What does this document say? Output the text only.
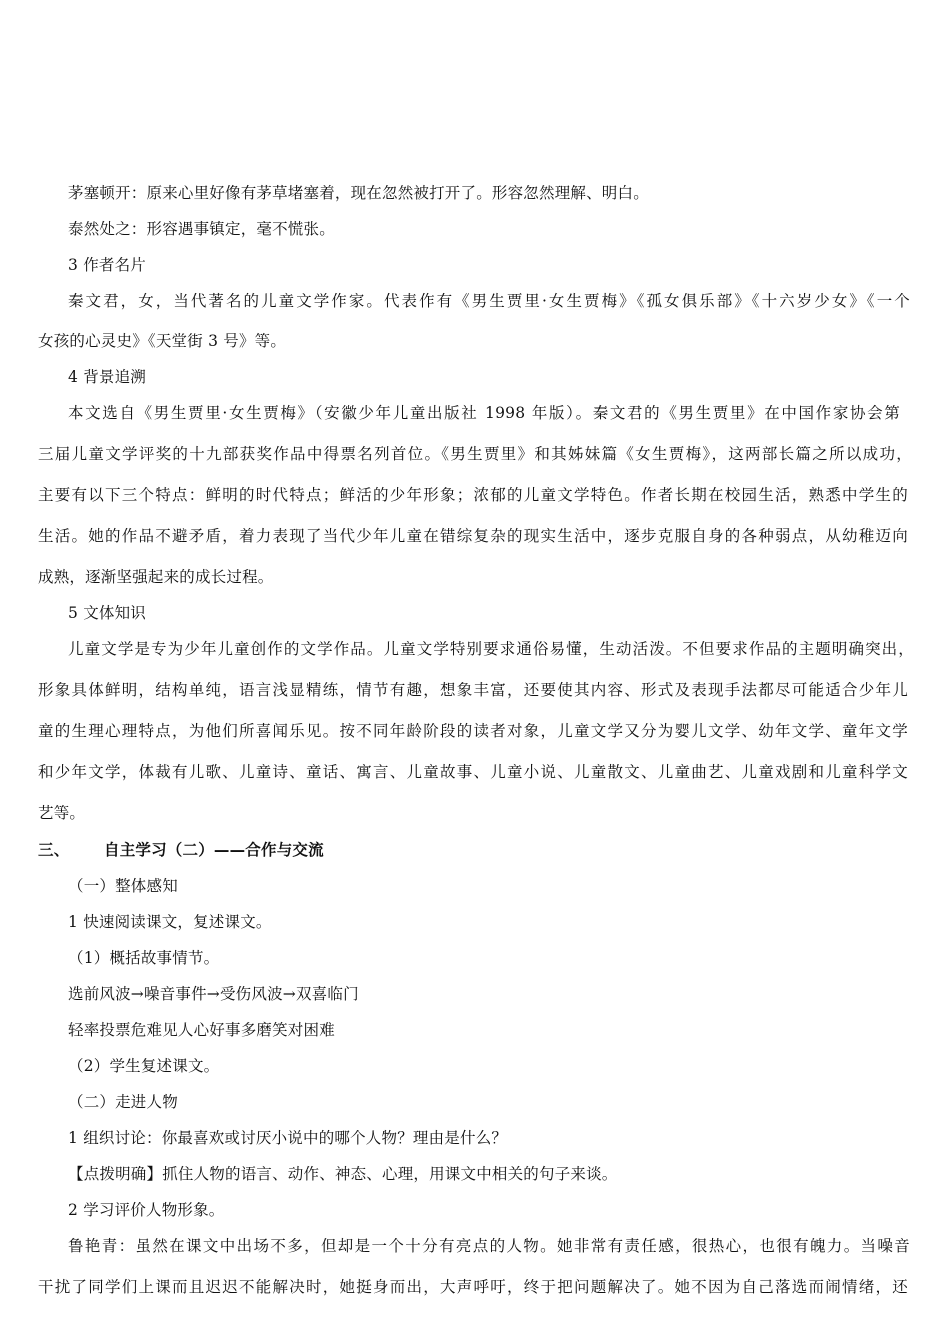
茅塞顿开：原来心里好像有茅草堵塞着，现在忽然被打开了。形容忽然理解、明白。
泰然处之：形容遇事镇定，毫不慌张。
3 作者名片
秦文君，女，当代著名的儿童文学作家。代表作有《男生贾里·女生贾梅》《孤女俱乐部》《十六岁少女》《一个
女孩的心灵史》《天堂街 3 号》等。
4 背景追溯
本文选自《男生贾里·女生贾梅》（安徽少年儿童出版社 1998 年版）。秦文君的《男生贾里》在中国作家协会第
三届儿童文学评奖的十九部获奖作品中得票名列首位。《男生贾里》和其姊妹篇《女生贾梅》，这两部长篇之所以成功，
主要有以下三个特点：鲜明的时代特点；鲜活的少年形象；浓郁的儿童文学特色。作者长期在校园生活，熟悉中学生的
生活。她的作品不避矛盾，着力表现了当代少年儿童在错综复杂的现实生活中，逐步克服自身的各种弱点，从幼稚迈向
成熟，逐渐坚强起来的成长过程。
5 文体知识
儿童文学是专为少年儿童创作的文学作品。儿童文学特别要求通俗易懂，生动活泼。不但要求作品的主题明确突出，
形象具体鲜明，结构单纯，语言浅显精练，情节有趣，想象丰富，还要使其内容、形式及表现手法都尽可能适合少年儿
童的生理心理特点，为他们所喜闻乐见。按不同年龄阶段的读者对象，儿童文学又分为婴儿文学、幼年文学、童年文学
和少年文学，体裁有儿歌、儿童诗、童话、寓言、儿童故事、儿童小说、儿童散文、儿童曲艺、儿童戏剧和儿童科学文
艺等。
三、 自主学习（二）——合作与交流
（一）整体感知
1 快速阅读课文，复述课文。
（1）概括故事情节。
选前风波→噪音事件→受伤风波→双喜临门
轻率投票危难见人心好事多磨笑对困难
（2）学生复述课文。
（二）走进人物
1 组织讨论：你最喜欢或讨厌小说中的哪个人物？理由是什么？
【点拨明确】抓住人物的语言、动作、神态、心理，用课文中相关的句子来谈。
2 学习评价人物形象。
鲁艳青：虽然在课文中出场不多，但却是一个十分有亮点的人物。她非常有责任感，很热心，也很有魄力。当噪音
干扰了同学们上课而且迟迟不能解决时，她挺身而出，大声呼吁，终于把问题解决了。她不因为自己落选而闹情绪，还
